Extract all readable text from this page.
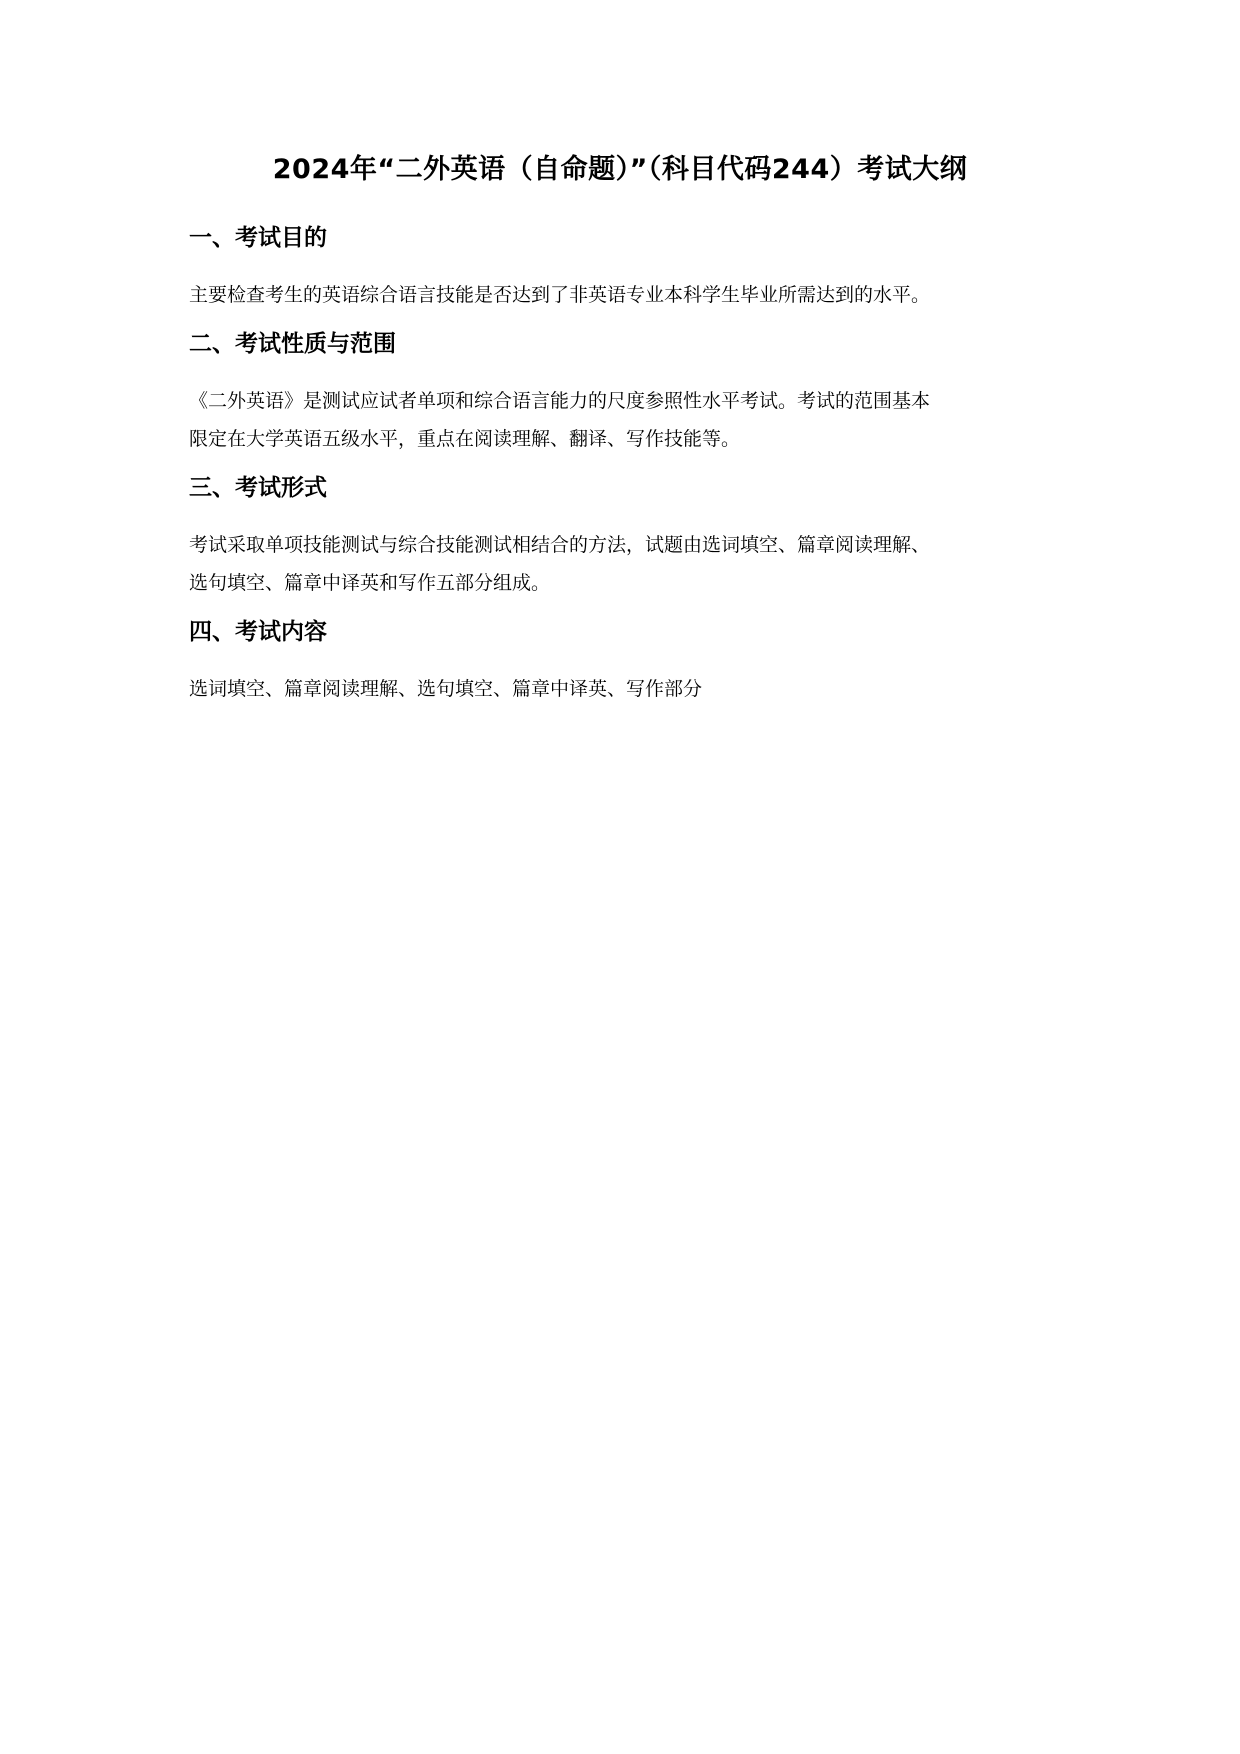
2024年“二外英语（自命题）”（科目代码244）考试大纲
一、考试目的
主要检查考生的英语综合语言技能是否达到了非英语专业本科学生毕业所需达到的水平。
二、考试性质与范围
《二外英语》是测试应试者单项和综合语言能力的尺度参照性水平考试。考试的范围基本
限定在大学英语五级水平，重点在阅读理解、翻译、写作技能等。
三、考试形式
考试采取单项技能测试与综合技能测试相结合的方法，试题由选词填空、篇章阅读理解、
选句填空、篇章中译英和写作五部分组成。
四、考试内容
选词填空、篇章阅读理解、选句填空、篇章中译英、写作部分
